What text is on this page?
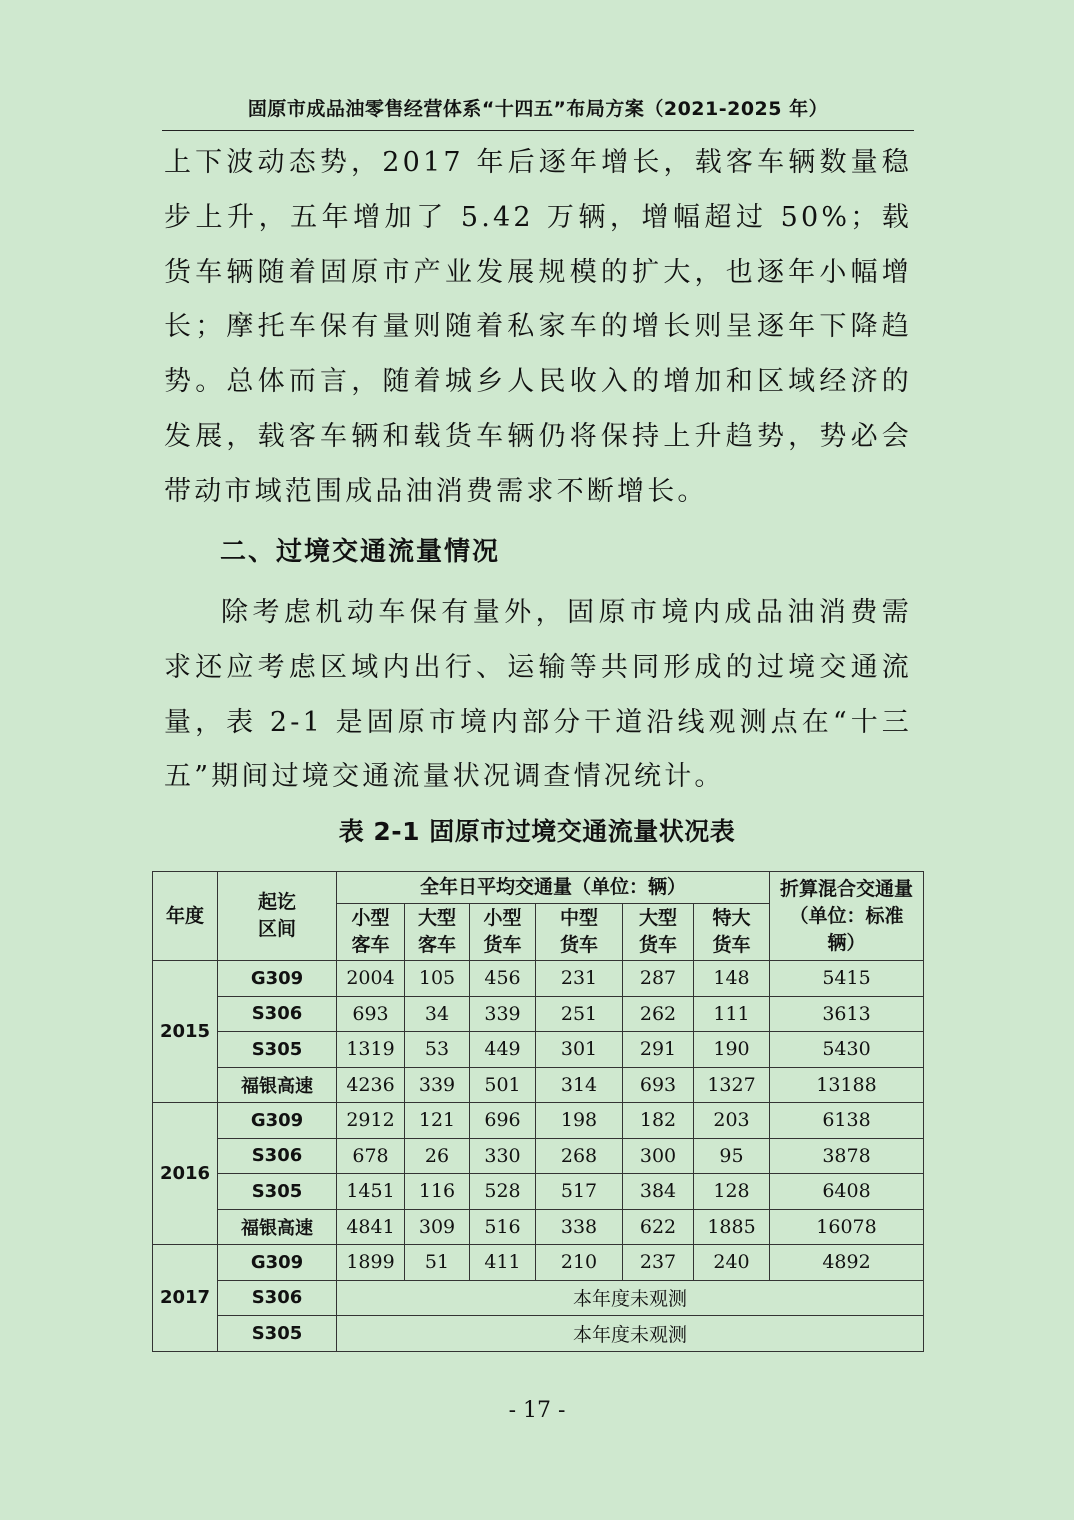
固原市成品油零售经营体系“十四五”布局方案（2021-2025 年）

上下波动态势，2017 年后逐年增长，载客车辆数量稳步上升，五年增加了 5.42 万辆，增幅超过 50%；载货车辆随着固原市产业发展规模的扩大，也逐年小幅增长；摩托车保有量则随着私家车的增长则呈逐年下降趋势。总体而言，随着城乡人民收入的增加和区域经济的发展，载客车辆和载货车辆仍将保持上升趋势，势必会带动市域范围成品油消费需求不断增长。

二、过境交通流量情况

除考虑机动车保有量外，固原市境内成品油消费需求还应考虑区域内出行、运输等共同形成的过境交通流量，表 2-1 是固原市境内部分干道沿线观测点在“十三五”期间过境交通流量状况调查情况统计。

表 2-1 固原市过境交通流量状况表
年度	起讫区间	全年日平均交通量（单位：辆）						折算混合交通量（单位：标准辆）
		小型客车	大型客车	小型货车	中型货车	大型货车	特大货车	
2015	G309	2004	105	456	231	287	148	5415
	S306	693	34	339	251	262	111	3613
	S305	1319	53	449	301	291	190	5430
	福银高速	4236	339	501	314	693	1327	13188
2016	G309	2912	121	696	198	182	203	6138
	S306	678	26	330	268	300	95	3878
	S305	1451	116	528	517	384	128	6408
	福银高速	4841	309	516	338	622	1885	16078
2017	G309	1899	51	411	210	237	240	4892
	S306	本年度未观测						
	S305	本年度未观测						
- 17 -
